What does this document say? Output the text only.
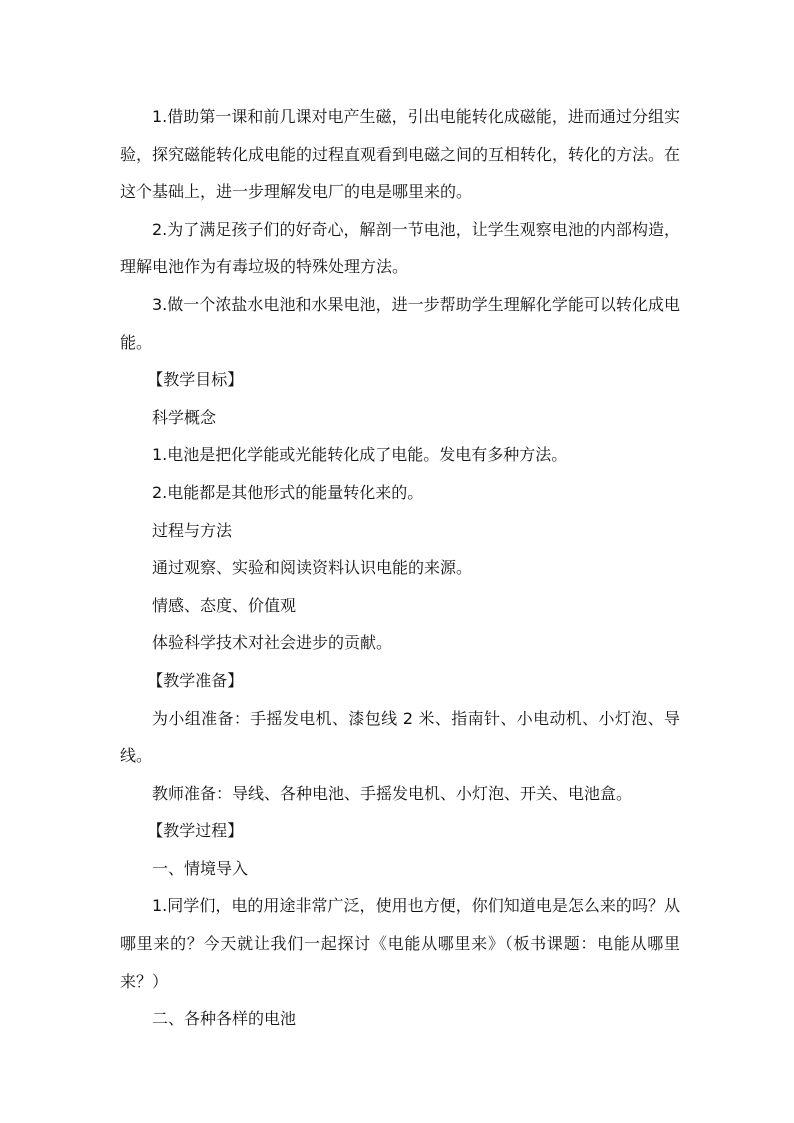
1.借助第一课和前几课对电产生磁，引出电能转化成磁能，进而通过分组实验，探究磁能转化成电能的过程直观看到电磁之间的互相转化，转化的方法。在这个基础上，进一步理解发电厂的电是哪里来的。

2.为了满足孩子们的好奇心，解剖一节电池，让学生观察电池的内部构造，理解电池作为有毒垃圾的特殊处理方法。

3.做一个浓盐水电池和水果电池，进一步帮助学生理解化学能可以转化成电能。

【教学目标】

科学概念

1.电池是把化学能或光能转化成了电能。发电有多种方法。

2.电能都是其他形式的能量转化来的。

过程与方法

通过观察、实验和阅读资料认识电能的来源。

情感、态度、价值观

体验科学技术对社会进步的贡献。

【教学准备】

为小组准备：手摇发电机、漆包线 2 米、指南针、小电动机、小灯泡、导线。

教师准备：导线、各种电池、手摇发电机、小灯泡、开关、电池盒。

【教学过程】

一、情境导入

1.同学们，电的用途非常广泛，使用也方便，你们知道电是怎么来的吗？从哪里来的？今天就让我们一起探讨《电能从哪里来》（板书课题：电能从哪里来？）

二、各种各样的电池
